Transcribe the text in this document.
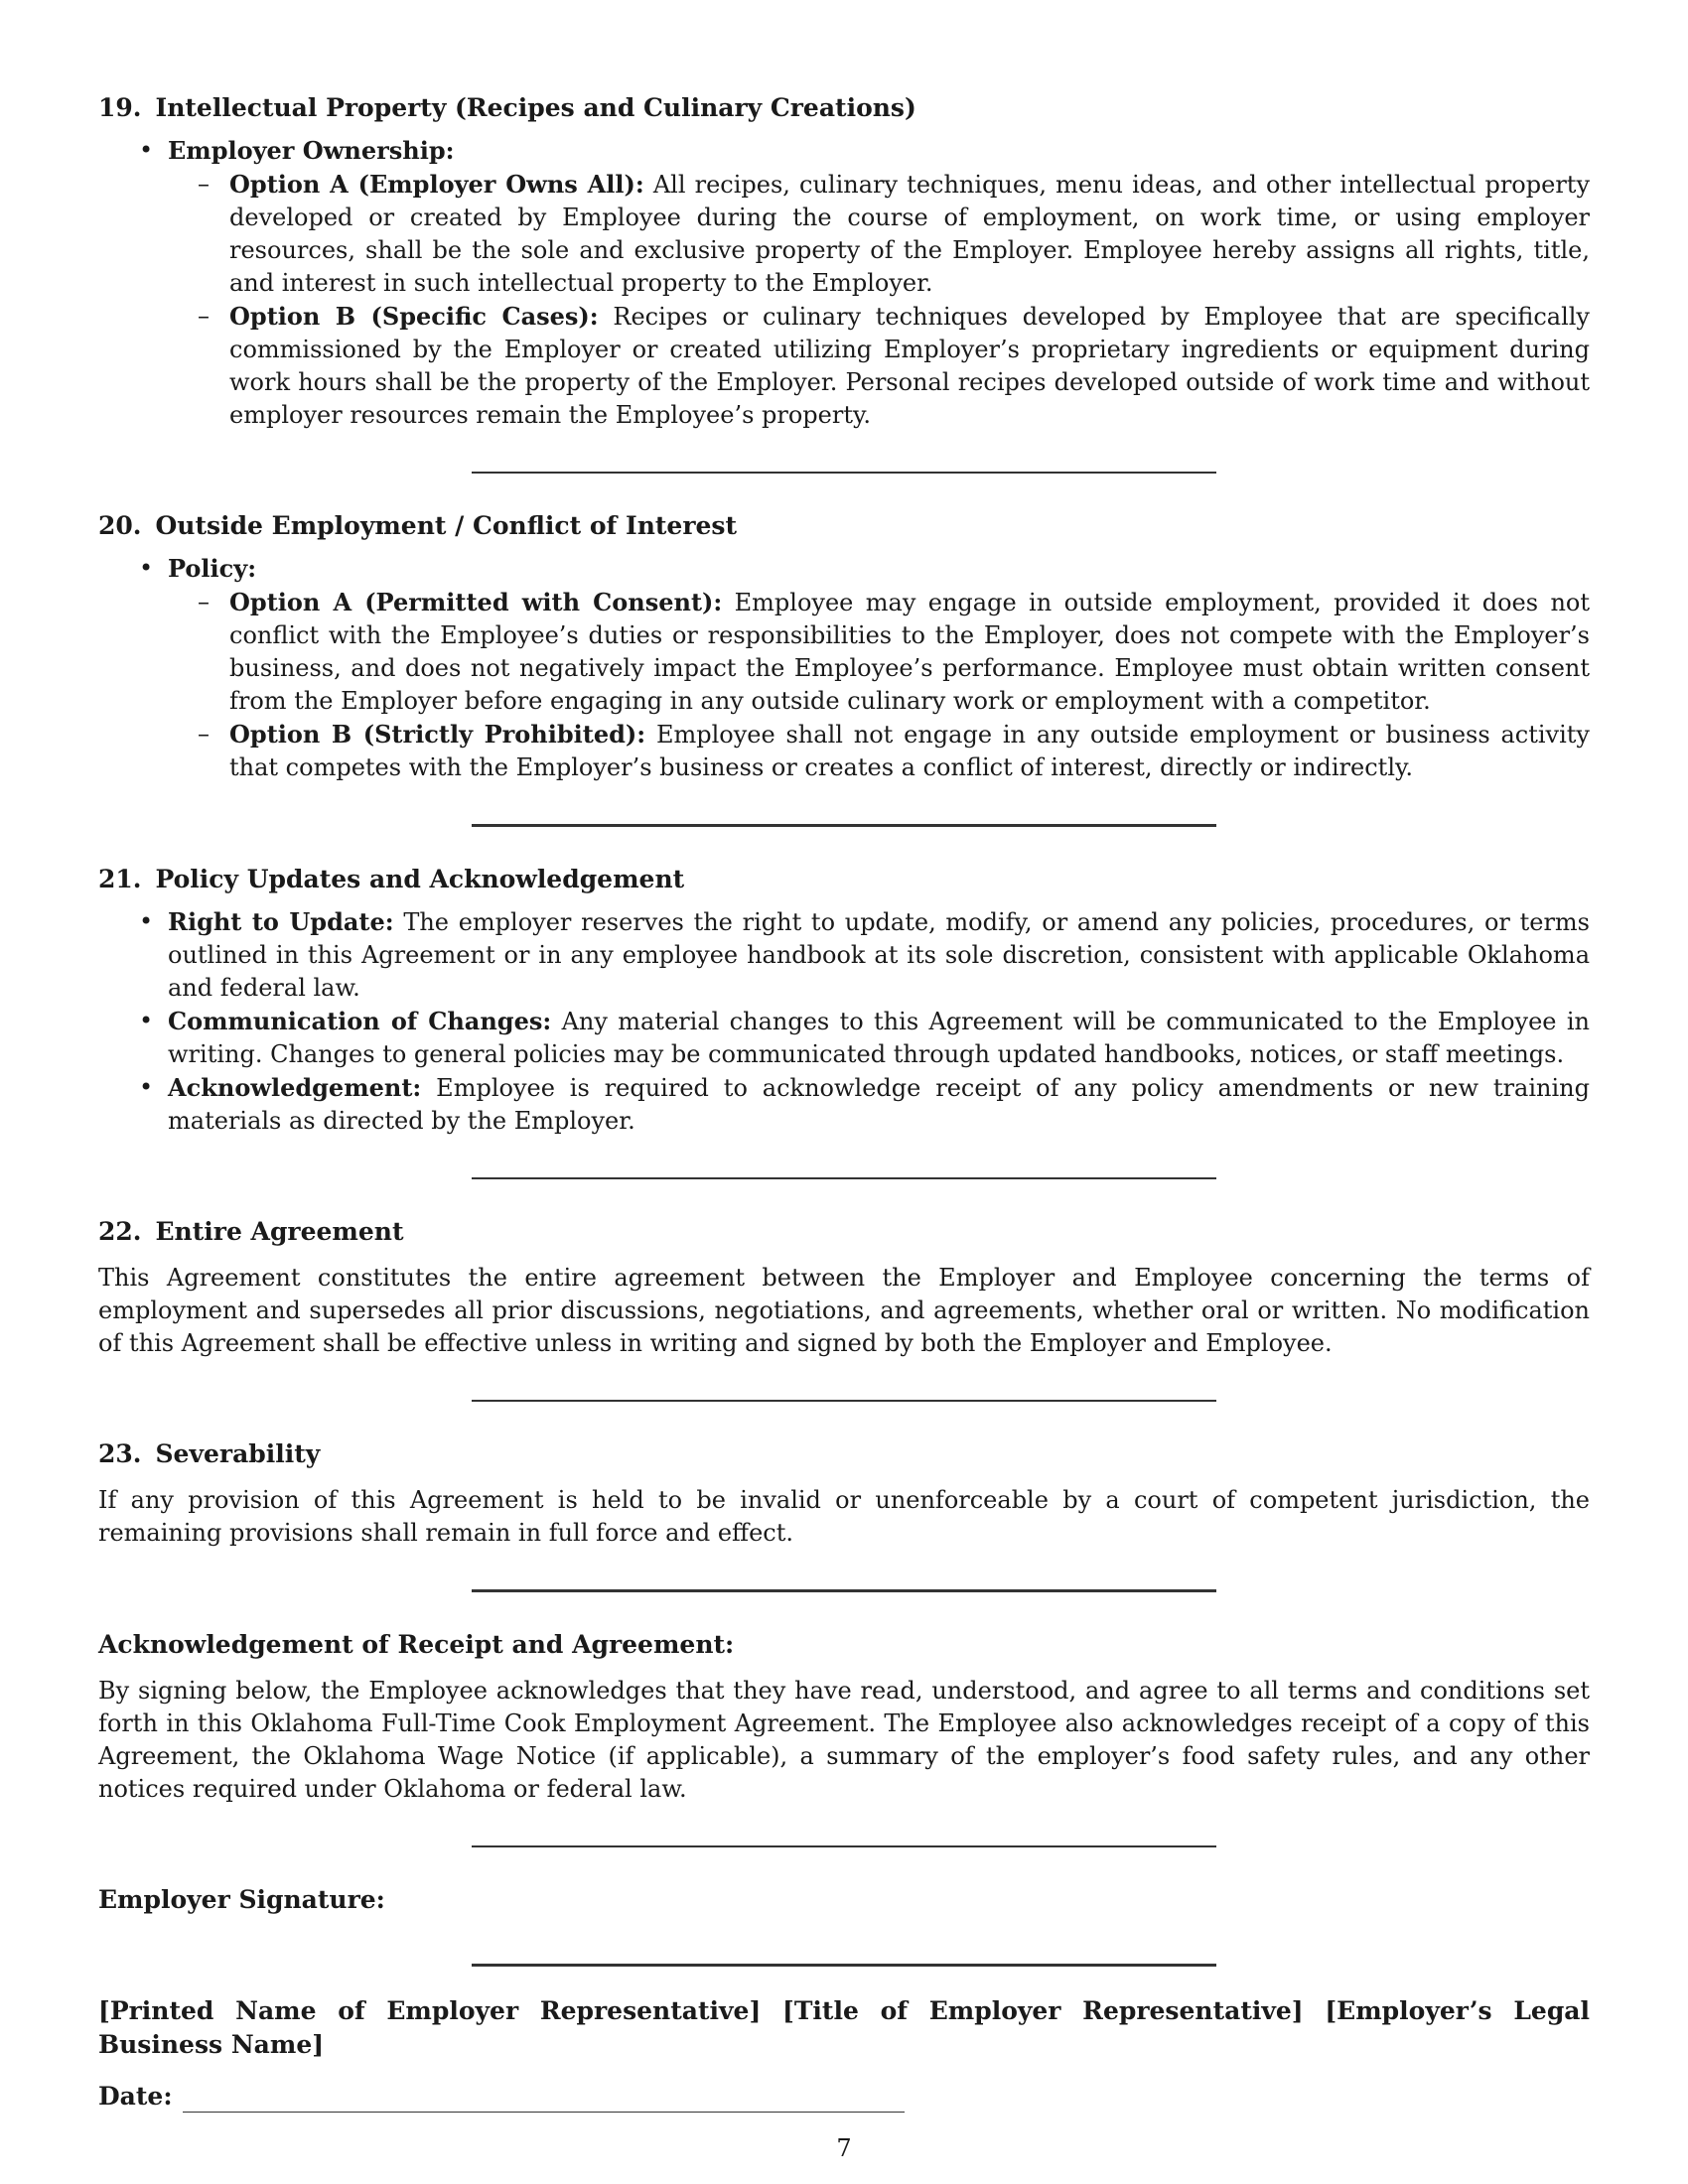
19. Intellectual Property (Recipes and Culinary Creations)
• Employer Ownership:
– Option A (Employer Owns All): All recipes, culinary techniques, menu ideas, and other intellectual property developed or created by Employee during the course of employment, on work time, or using employer resources, shall be the sole and exclusive property of the Employer. Employee hereby assigns all rights, title, and interest in such intellectual property to the Employer.
– Option B (Specific Cases): Recipes or culinary techniques developed by Employee that are specifically commissioned by the Employer or created utilizing Employer’s proprietary ingredients or equipment during work hours shall be the property of the Employer. Personal recipes developed outside of work time and without employer resources remain the Employee’s property.
20. Outside Employment / Conflict of Interest
• Policy:
– Option A (Permitted with Consent): Employee may engage in outside employment, provided it does not conflict with the Employee’s duties or responsibilities to the Employer, does not compete with the Employer’s business, and does not negatively impact the Employee’s performance. Employee must obtain written consent from the Employer before engaging in any outside culinary work or employment with a competitor.
– Option B (Strictly Prohibited): Employee shall not engage in any outside employment or business activity that competes with the Employer’s business or creates a conflict of interest, directly or indirectly.
21. Policy Updates and Acknowledgement
• Right to Update: The employer reserves the right to update, modify, or amend any policies, procedures, or terms outlined in this Agreement or in any employee handbook at its sole discretion, consistent with applicable Oklahoma and federal law.
• Communication of Changes: Any material changes to this Agreement will be communicated to the Employee in writing. Changes to general policies may be communicated through updated handbooks, notices, or staff meetings.
• Acknowledgement: Employee is required to acknowledge receipt of any policy amendments or new training materials as directed by the Employer.
22. Entire Agreement

This Agreement constitutes the entire agreement between the Employer and Employee concerning the terms of employment and supersedes all prior discussions, negotiations, and agreements, whether oral or written. No modification of this Agreement shall be effective unless in writing and signed by both the Employer and Employee.

23. Severability

If any provision of this Agreement is held to be invalid or unenforceable by a court of competent jurisdiction, the remaining provisions shall remain in full force and effect.

Acknowledgement of Receipt and Agreement:

By signing below, the Employee acknowledges that they have read, understood, and agree to all terms and conditions set forth in this Oklahoma Full-Time Cook Employment Agreement. The Employee also acknowledges receipt of a copy of this Agreement, the Oklahoma Wage Notice (if applicable), a summary of the employer’s food safety rules, and any other notices required under Oklahoma or federal law.

Employer Signature:

[Printed Name of Employer Representative] [Title of Employer Representative] [Employer’s Legal Business Name]

Date:
7
